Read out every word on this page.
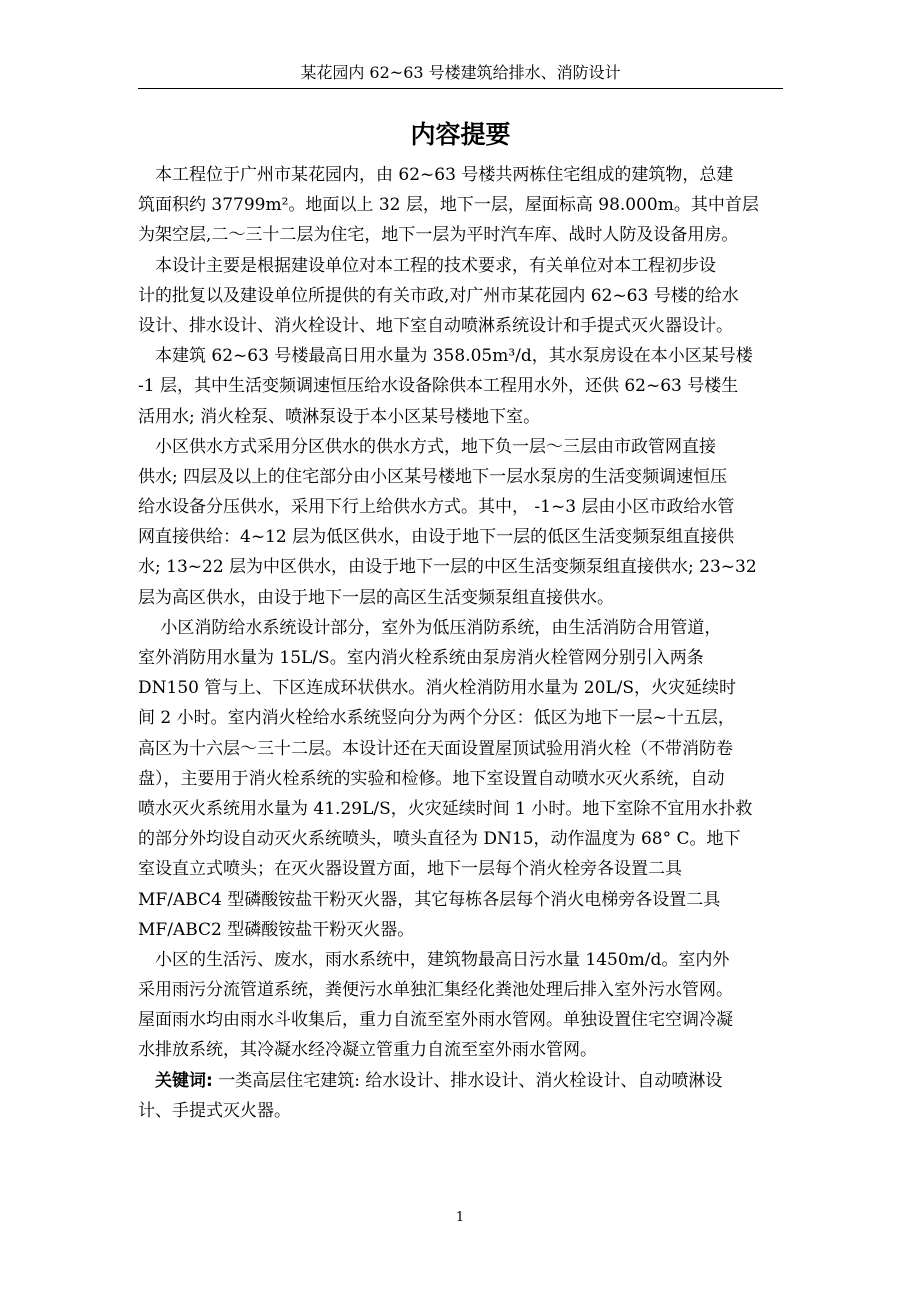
某花园内 62~63 号楼建筑给排水、消防设计
内容提要
　本工程位于广州市某花园内，由 62~63 号楼共两栋住宅组成的建筑物，总建
筑面积约 37799m²。地面以上 32 层，地下一层，屋面标高 98.000m。其中首层
为架空层,二～三十二层为住宅，地下一层为平时汽车库、战时人防及设备用房。
　本设计主要是根据建设单位对本工程的技术要求，有关单位对本工程初步设
计的批复以及建设单位所提供的有关市政,对广州市某花园内 62~63 号楼的给水
设计、排水设计、消火栓设计、地下室自动喷淋系统设计和手提式灭火器设计。
　本建筑 62~63 号楼最高日用水量为 358.05m³/d，其水泵房设在本小区某号楼
-1 层，其中生活变频调速恒压给水设备除供本工程用水外，还供 62~63 号楼生
活用水; 消火栓泵、喷淋泵设于本小区某号楼地下室。
　小区供水方式采用分区供水的供水方式，地下负一层～三层由市政管网直接
供水; 四层及以上的住宅部分由小区某号楼地下一层水泵房的生活变频调速恒压
给水设备分压供水，采用下行上给供水方式。其中， -1~3 层由小区市政给水管
网直接供给：4~12 层为低区供水，由设于地下一层的低区生活变频泵组直接供
水; 13~22 层为中区供水，由设于地下一层的中区生活变频泵组直接供水; 23~32
层为高区供水，由设于地下一层的高区生活变频泵组直接供水。
　 小区消防给水系统设计部分，室外为低压消防系统，由生活消防合用管道，
室外消防用水量为 15L/S。室内消火栓系统由泵房消火栓管网分别引入两条
DN150 管与上、下区连成环状供水。消火栓消防用水量为 20L/S，火灾延续时
间 2 小时。室内消火栓给水系统竖向分为两个分区：低区为地下一层~十五层，
高区为十六层～三十二层。本设计还在天面设置屋顶试验用消火栓（不带消防卷
盘），主要用于消火栓系统的实验和检修。地下室设置自动喷水灭火系统，自动
喷水灭火系统用水量为 41.29L/S，火灾延续时间 1 小时。地下室除不宜用水扑救
的部分外均设自动灭火系统喷头，喷头直径为 DN15，动作温度为 68° C。地下
室设直立式喷头；在灭火器设置方面，地下一层每个消火栓旁各设置二具
MF/ABC4 型磷酸铵盐干粉灭火器，其它每栋各层每个消火电梯旁各设置二具
MF/ABC2 型磷酸铵盐干粉灭火器。
　小区的生活污、废水，雨水系统中，建筑物最高日污水量 1450m/d。室内外
采用雨污分流管道系统，粪便污水单独汇集经化粪池处理后排入室外污水管网。
屋面雨水均由雨水斗收集后，重力自流至室外雨水管网。单独设置住宅空调冷凝
水排放系统，其冷凝水经冷凝立管重力自流至室外雨水管网。
　关键词: 一类高层住宅建筑: 给水设计、排水设计、消火栓设计、自动喷淋设
计、手提式灭火器。
1
